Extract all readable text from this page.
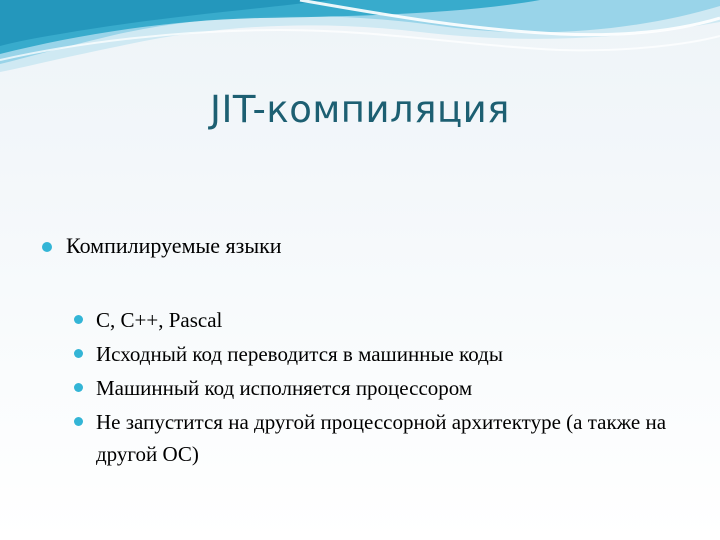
JIT-компиляция
Компилируемые языки
C, C++, Pascal
Исходный код переводится в машинные коды
Машинный код исполняется процессором
Не запустится на другой процессорной архитектуре (а также на другой ОС)
